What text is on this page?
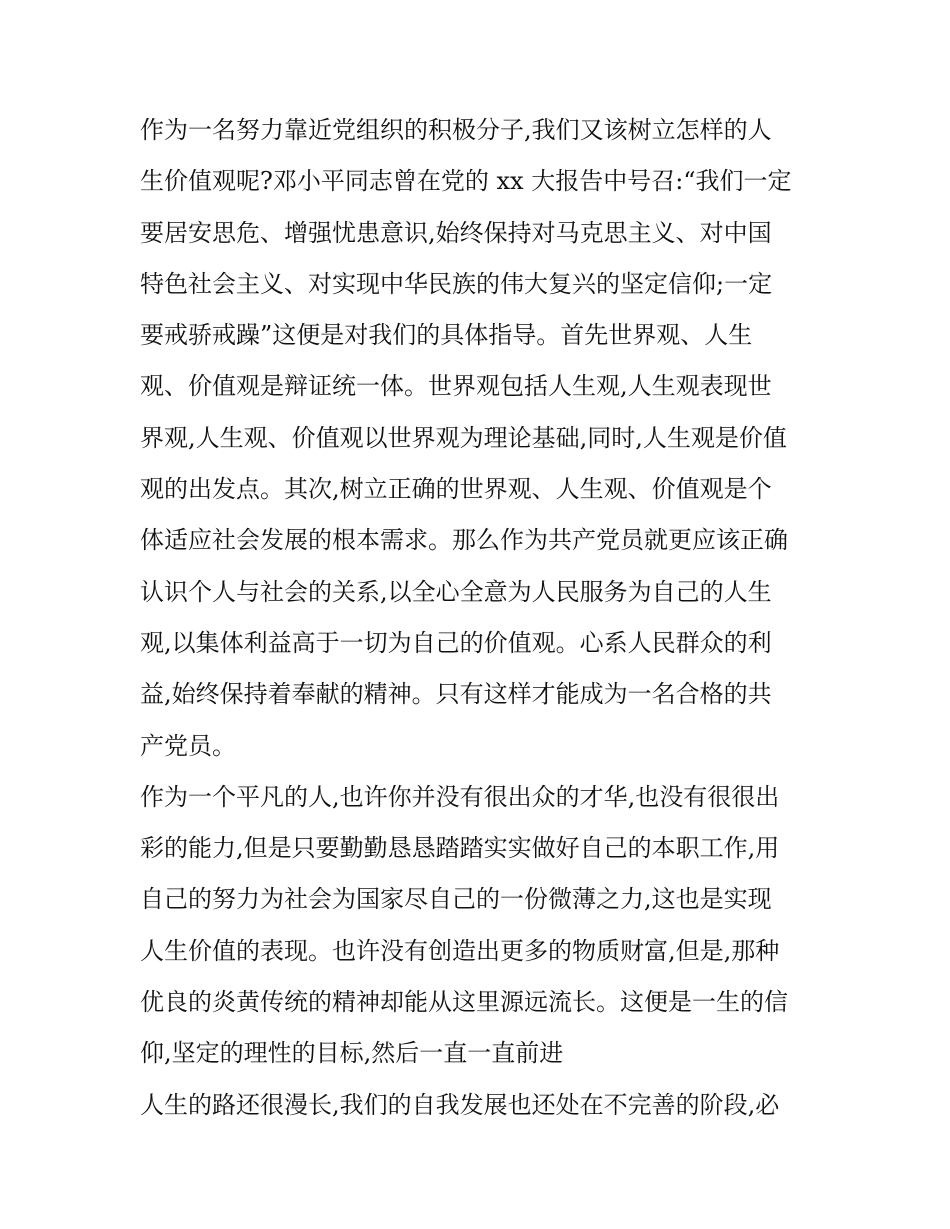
作为一名努力靠近党组织的积极分子,我们又该树立怎样的人
生价值观呢?邓小平同志曾在党的 xx 大报告中号召:“我们一定
要居安思危、增强忧患意识,始终保持对马克思主义、对中国
特色社会主义、对实现中华民族的伟大复兴的坚定信仰;一定
要戒骄戒躁”这便是对我们的具体指导。首先世界观、人生
观、价值观是辩证统一体。世界观包括人生观,人生观表现世
界观,人生观、价值观以世界观为理论基础,同时,人生观是价值
观的出发点。其次,树立正确的世界观、人生观、价值观是个
体适应社会发展的根本需求。那么作为共产党员就更应该正确
认识个人与社会的关系,以全心全意为人民服务为自己的人生
观,以集体利益高于一切为自己的价值观。心系人民群众的利
益,始终保持着奉献的精神。只有这样才能成为一名合格的共
产党员。
作为一个平凡的人,也许你并没有很出众的才华,也没有很很出
彩的能力,但是只要勤勤恳恳踏踏实实做好自己的本职工作,用
自己的努力为社会为国家尽自己的一份微薄之力,这也是实现
人生价值的表现。也许没有创造出更多的物质财富,但是,那种
优良的炎黄传统的精神却能从这里源远流长。这便是一生的信
仰,坚定的理性的目标,然后一直一直前进
人生的路还很漫长,我们的自我发展也还处在不完善的阶段,必
